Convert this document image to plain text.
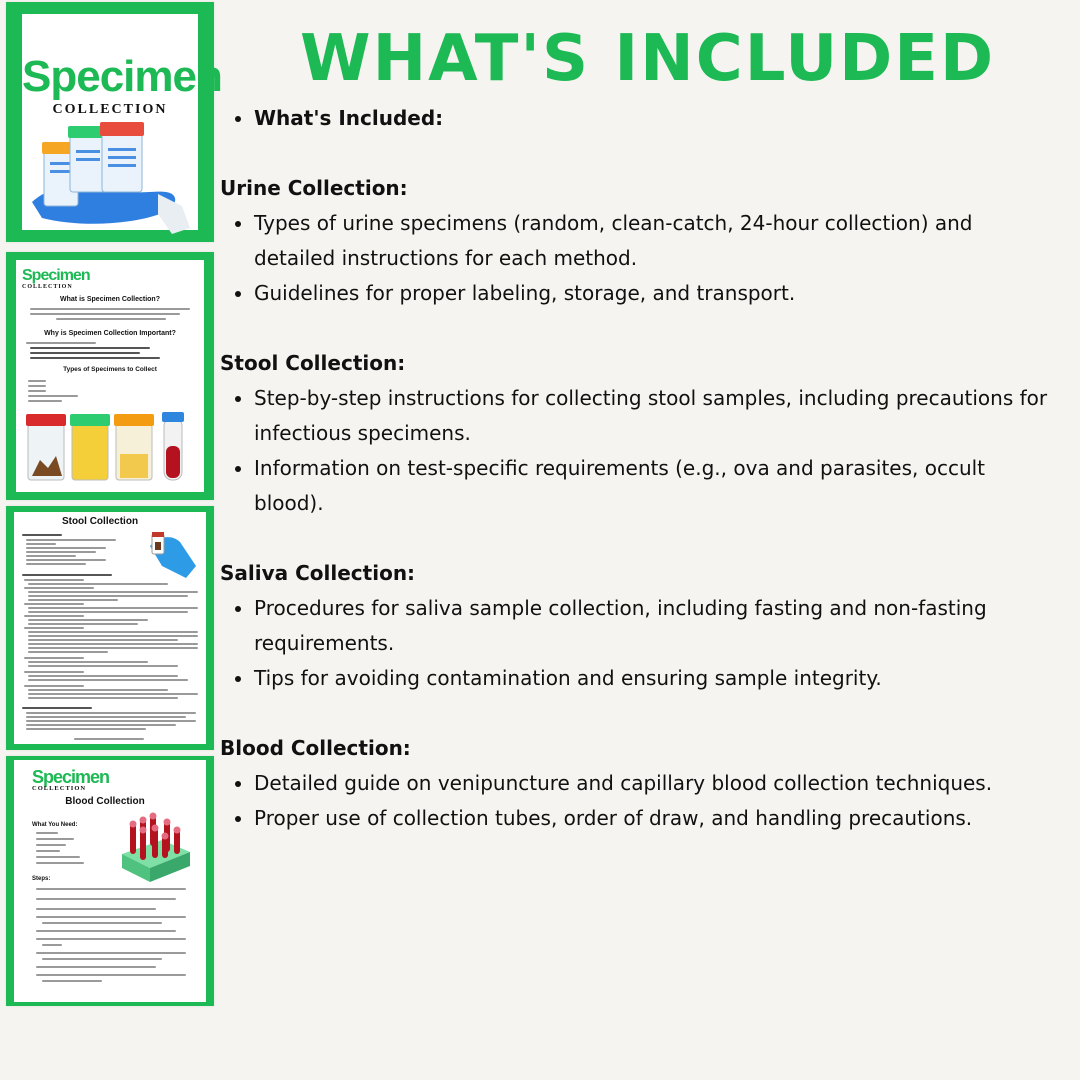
Specimen
COLLECTION
Specimen
COLLECTION
What is Specimen Collection?
Why is Specimen Collection Important?
Types of Specimens to Collect
Stool Collection
Specimen
COLLECTION
Blood Collection
What You Need:
Steps:
WHAT'S INCLUDED
• What's Included:
Urine Collection:
• Types of urine specimens (random, clean-catch, 24-hour collection) and detailed instructions for each method.
• Guidelines for proper labeling, storage, and transport.
Stool Collection:
• Step-by-step instructions for collecting stool samples, including precautions for infectious specimens.
• Information on test-specific requirements (e.g., ova and parasites, occult blood).
Saliva Collection:
• Procedures for saliva sample collection, including fasting and non-fasting requirements.
• Tips for avoiding contamination and ensuring sample integrity.
Blood Collection:
• Detailed guide on venipuncture and capillary blood collection techniques.
• Proper use of collection tubes, order of draw, and handling precautions.
